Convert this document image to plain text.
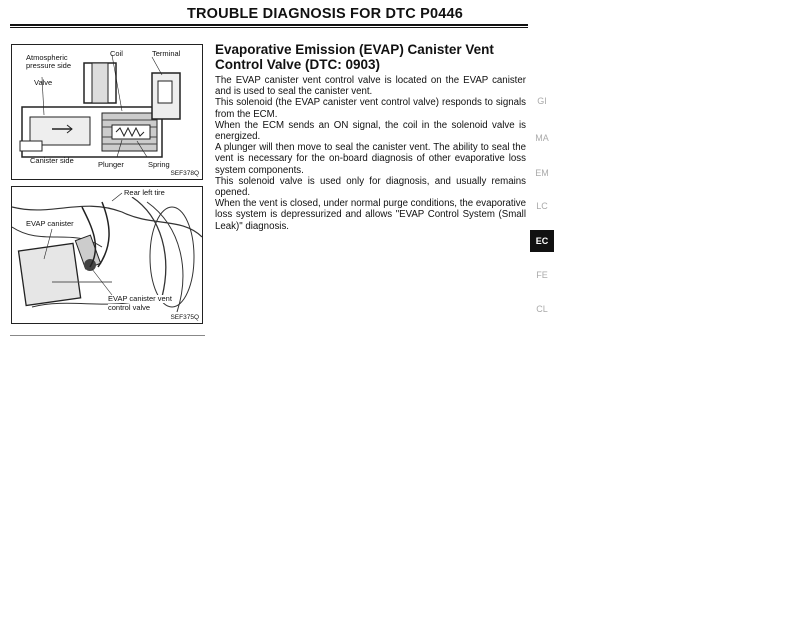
TROUBLE DIAGNOSIS FOR DTC P0446
Atmospheric pressure side
Coil	Terminal
Valve
Canister side	Plunger	Spring
SEF378Q
Rear left tire
EVAP canister
EVAP canister vent
control valve
SEF375Q
Evaporative Emission (EVAP) Canister Vent Control Valve (DTC: 0903)

The EVAP canister vent control valve is located on the EVAP canister and is used to seal the canister vent.

This solenoid (the EVAP canister vent control valve) responds to signals from the ECM.

When the ECM sends an ON signal, the coil in the solenoid valve is energized.

A plunger will then move to seal the canister vent. The ability to seal the vent is necessary for the on-board diagnosis of other evaporative loss system components.

This solenoid valve is used only for diagnosis, and usually remains opened.

When the vent is closed, under normal purge conditions, the evaporative loss system is depressurized and allows "EVAP Control System (Small Leak)" diagnosis.

GI
MA
EM
LC
EC
FE
CL
